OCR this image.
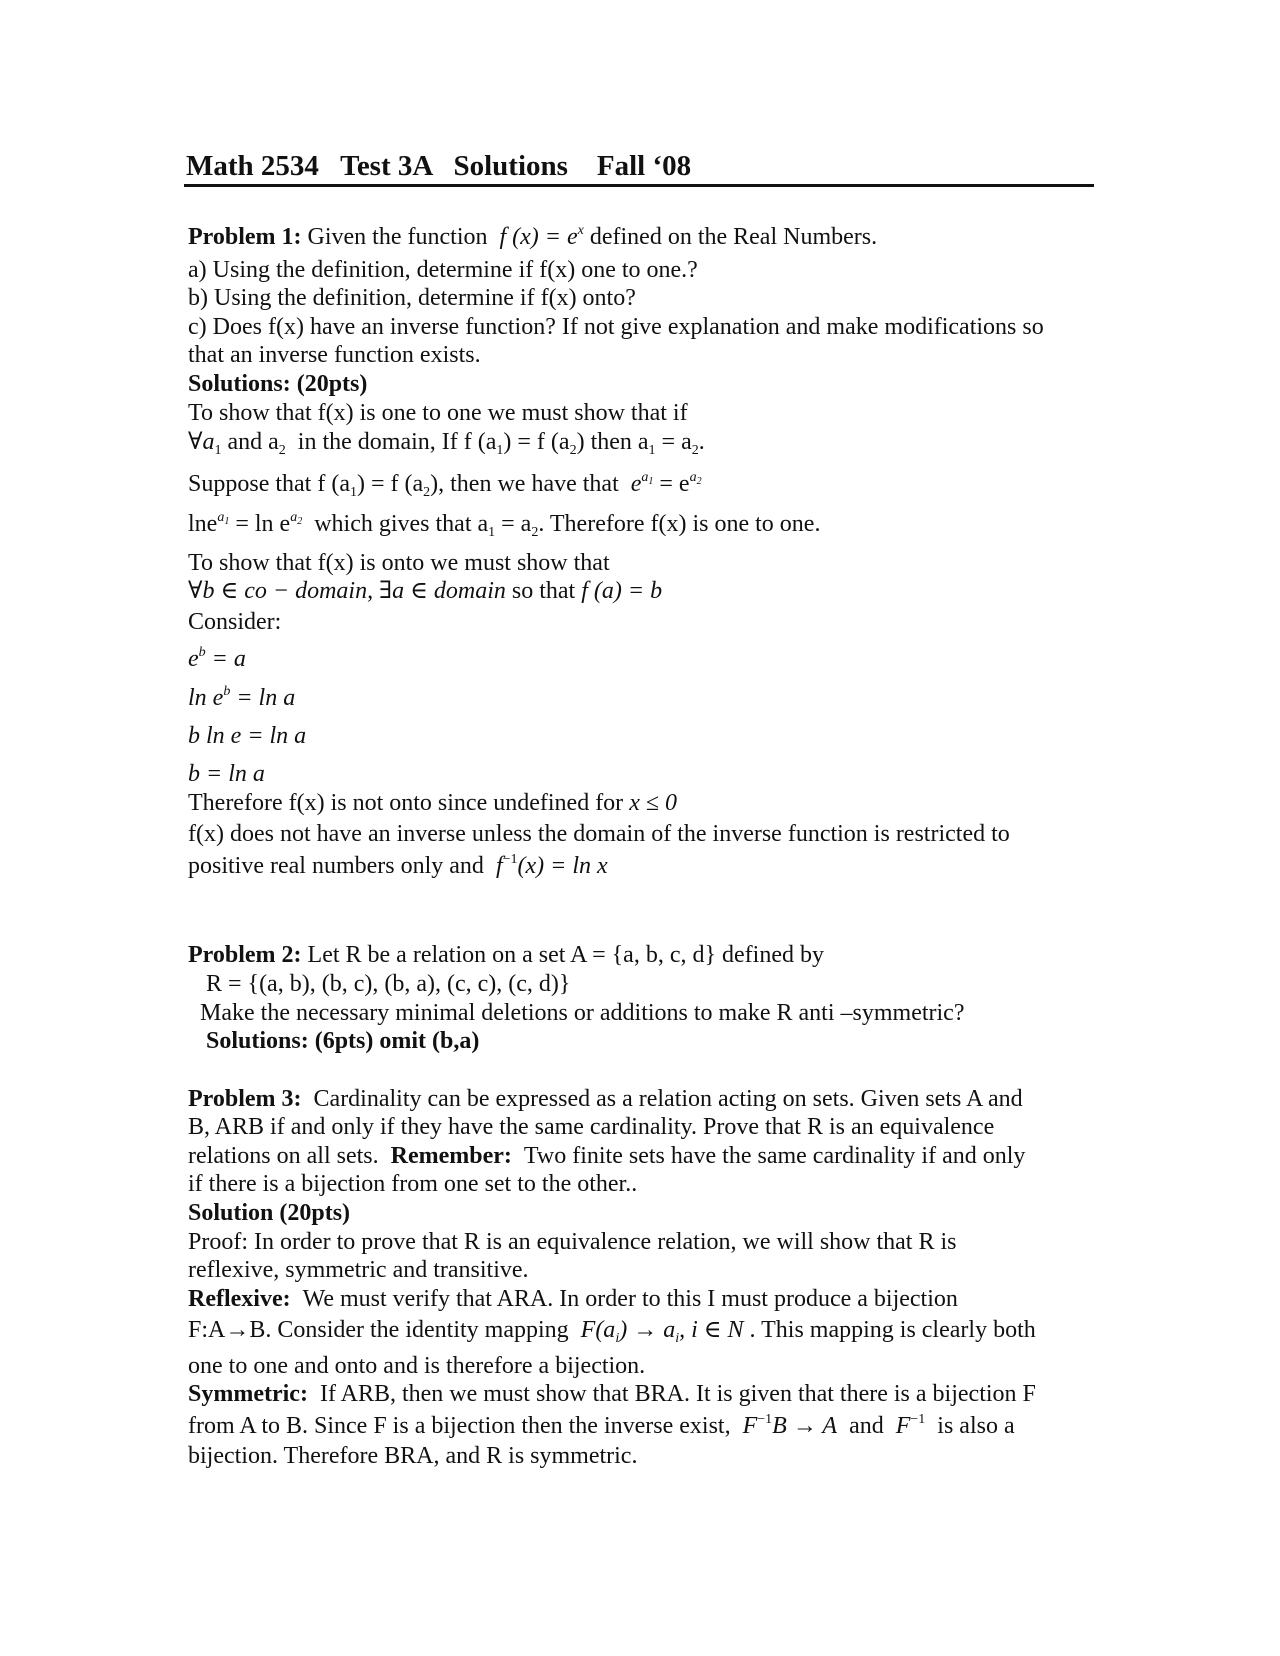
Math 2534   Test 3A   Solutions    Fall ‘08
Problem 1: Given the function f $(x) = e^x$ defined on the Real Numbers.
a) Using the definition, determine if f(x) one to one.?
b) Using the definition, determine if f(x) onto?
c) Does f(x) have an inverse function? If not give explanation and make modifications so
that an inverse function exists.
Solutions: (20pts)
To show that f(x) is one to one we must show that if
$\forall a_1$ and $a_2$ in the domain, If f $(a_1) = f$ $(a_2)$ then $a_1 = a_2$.
Suppose that f $(a_1) = f$ $(a_2)$, then we have that $e^{a_1} = e^{a_2}$
$\ln e^{a_1} = \ln e^{a_2}$ which gives that $a_1 = a_2$. Therefore f(x) is one to one.
To show that f(x) is onto we must show that
∀b ∈ co − domain, ∃a ∈ domain so that f (a) = b
Consider:
$e^b = a$
$\ln e^b = \ln a$
b ln e = ln a
b = ln a
Therefore f(x) is not onto since undefined for x ≤ 0
f(x) does not have an inverse unless the domain of the inverse function is restricted to
positive real numbers only and $f^{-1}(x) = \ln x$
Problem 2: Let R be a relation on a set A = {a, b, c, d} defined by
R = {(a, b), (b, c), (b, a), (c, c), (c, d)}
Make the necessary minimal deletions or additions to make R anti –symmetric?
Solutions: (6pts) omit (b,a)
Problem 3: Cardinality can be expressed as a relation acting on sets. Given sets A and
B, ARB if and only if they have the same cardinality. Prove that R is an equivalence
relations on all sets. Remember: Two finite sets have the same cardinality if and only
if there is a bijection from one set to the other..
Solution (20pts)
Proof: In order to prove that R is an equivalence relation, we will show that R is
reflexive, symmetric and transitive.
Reflexive: We must verify that ARA. In order to this I must produce a bijection
F:A→B. Consider the identity mapping $F(a_i) \to a_i$, i ∈ N . This mapping is clearly both
one to one and onto and is therefore a bijection.
Symmetric: If ARB, then we must show that BRA. It is given that there is a bijection F
from A to B. Since F is a bijection then the inverse exist, $F^{-1}B \to A$ and $F^{-1}$ is also a
bijection. Therefore BRA, and R is symmetric.
